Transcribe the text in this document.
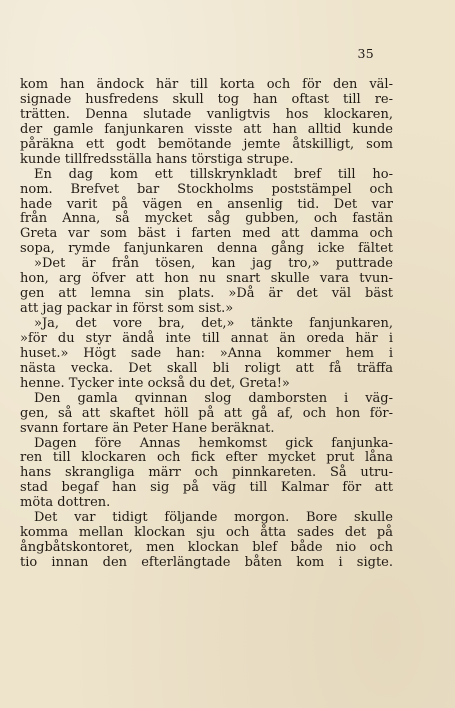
35
kom han ändock här till korta och för den väl-
signade husfredens skull tog han oftast till re-
trätten. Denna slutade vanligtvis hos klockaren,
der gamle fanjunkaren visste att han alltid kunde
påräkna ett godt bemötande jemte åtskilligt, som
kunde tillfredsställa hans törstiga strupe.
En dag kom ett tillskrynkladt bref till ho-
nom. Brefvet bar Stockholms poststämpel och
hade varit på vägen en ansenlig tid. Det var
från Anna, så mycket såg gubben, och fastän
Greta var som bäst i farten med att damma och
sopa, rymde fanjunkaren denna gång icke fältet
»Det är från tösen, kan jag tro,» puttrade
hon, arg öfver att hon nu snart skulle vara tvun-
gen att lemna sin plats. »Då är det väl bäst
att jag packar in först som sist.»
»Ja, det vore bra, det,» tänkte fanjunkaren,
»för du styr ändå inte till annat än oreda här i
huset.» Högt sade han: »Anna kommer hem i
nästa vecka. Det skall bli roligt att få träffa
henne. Tycker inte också du det, Greta!»
Den gamla qvinnan slog damborsten i väg-
gen, så att skaftet höll på att gå af, och hon för-
svann fortare än Peter Hane beräknat.
Dagen före Annas hemkomst gick fanjunka-
ren till klockaren och fick efter mycket prut låna
hans skrangliga märr och pinnkareten. Så utru-
stad begaf han sig på väg till Kalmar för att
möta dottren.
Det var tidigt följande morgon. Bore skulle
komma mellan klockan sju och åtta sades det på
ångbåtskontoret, men klockan blef både nio och
tio innan den efterlängtade båten kom i sigte.
